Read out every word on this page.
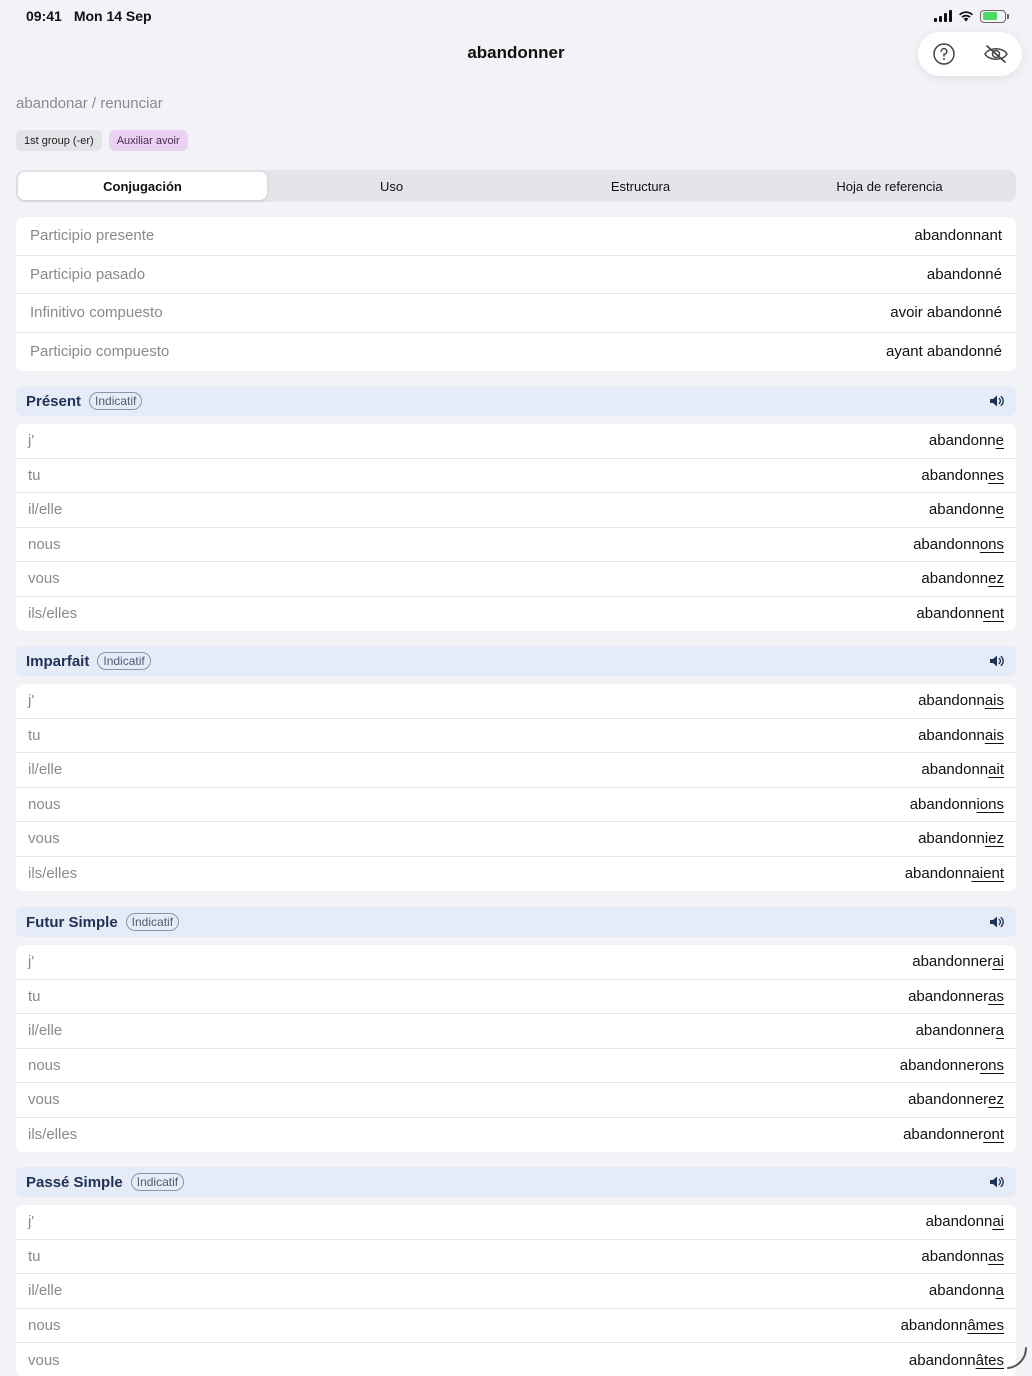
09:41 Mon 14 Sep
abandonner
abandonar / renunciar
1st group (-er)	Auxiliar avoir
Conjugación	Uso	Estructura	Hoja de referencia
Participio presente	abandonnant
Participio pasado	abandonné
Infinitivo compuesto	avoir abandonné
Participio compuesto	ayant abandonné
Présent	Indicatif
j'	abandonne
tu	abandonnes
il/elle	abandonne
nous	abandonnons
vous	abandonnez
ils/elles	abandonnent
Imparfait	Indicatif
j'	abandonnais
tu	abandonnais
il/elle	abandonnait
nous	abandonnions
vous	abandonniez
ils/elles	abandonnaient
Futur Simple	Indicatif
j'	abandonnerai
tu	abandonneras
il/elle	abandonnera
nous	abandonnerons
vous	abandonnerez
ils/elles	abandonneront
Passé Simple	Indicatif
j'	abandonnai
tu	abandonnas
il/elle	abandonna
nous	abandonnâmes
vous	abandonnâtes
